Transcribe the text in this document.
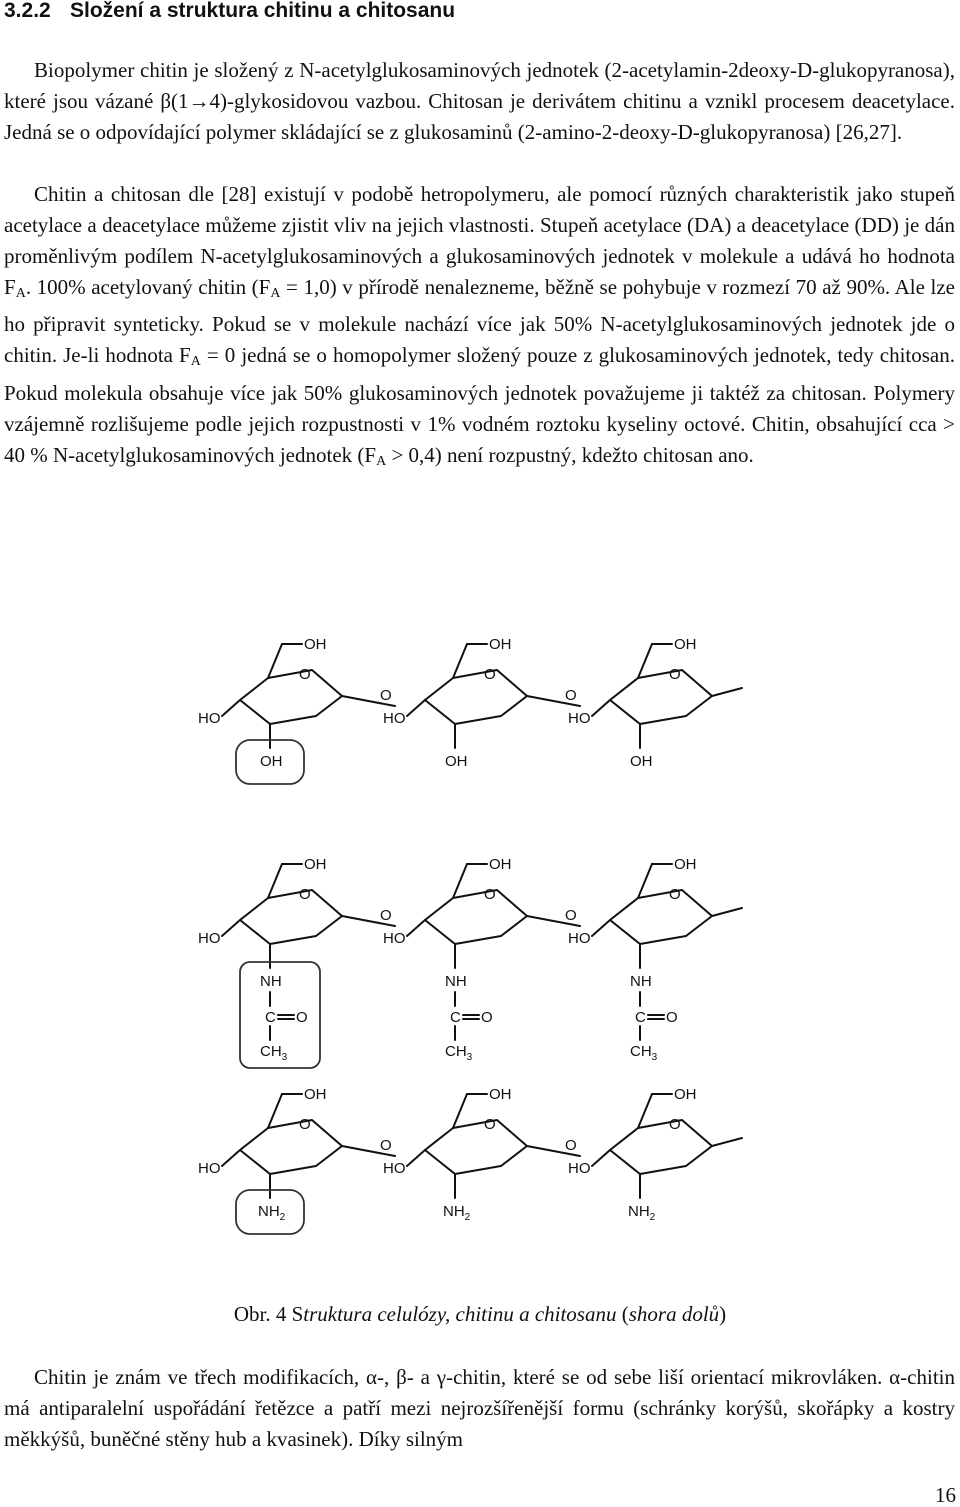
3.2.2 Složení a struktura chitinu a chitosanu

Biopolymer chitin je složený z N-acetylglukosaminových jednotek (2-acetylamin-2deoxy-D-glukopyranosa), které jsou vázané β(1→4)-glykosidovou vazbou. Chitosan je derivátem chitinu a vznikl procesem deacetylace. Jedná se o odpovídající polymer skládající se z glukosaminů (2-amino-2-deoxy-D-glukopyranosa) [26,27].

Chitin a chitosan dle [28] existují v podobě hetropolymeru, ale pomocí různých charakteristik jako stupeň acetylace a deacetylace můžeme zjistit vliv na jejich vlastnosti. Stupeň acetylace (DA) a deacetylace (DD) je dán proměnlivým podílem N-acetylglukosaminových a glukosaminových jednotek v molekule a udává ho hodnota $F_A$. 100% acetylovaný chitin $(F_A = 1,0)$ v přírodě nenalezneme, běžně se pohybuje v rozmezí 70 až 90%. Ale lze ho připravit synteticky. Pokud se v molekule nachází více jak 50% N-acetylglukosaminových jednotek jde o chitin. Je-li hodnota $F_A = 0$ jedná se o homopolymer složený pouze z glukosaminových jednotek, tedy chitosan. Pokud molekula obsahuje více jak 50% glukosaminových jednotek považujeme ji taktéž za chitosan. Polymery vzájemně rozlišujeme podle jejich rozpustnosti v 1% vodném roztoku kyseliny octové. Chitin, obsahující cca > 40 % N-acetylglukosaminových jednotek $(F_A > 0,4)$ není rozpustný, kdežto chitosan ano.

O
OH
HO
O
OH
O
OH
HO
O
OH
O
OH
HO
OH
O
OH
HO
O
NH
C O
$CH_3$
O
OH
HO
O
NH
C O
$CH_3$
O
OH
HO
NH
C O
$CH_3$
O
OH
HO
O
$NH_2$
O
OH
HO
O
$NH_2$
O
OH
HO
$NH_2$

Obr. 4 Struktura celulózy, chitinu a chitosanu (shora dolů)

Chitin je znám ve třech modifikacích, α-, β- a γ-chitin, které se od sebe liší orientací mikrovláken. α-chitin má antiparalelní uspořádání řetězce a patří mezi nejrozšířenější formu (schránky korýšů, skořápky a kostry měkkýšů, buněčné stěny hub a kvasinek). Díky silným

16
